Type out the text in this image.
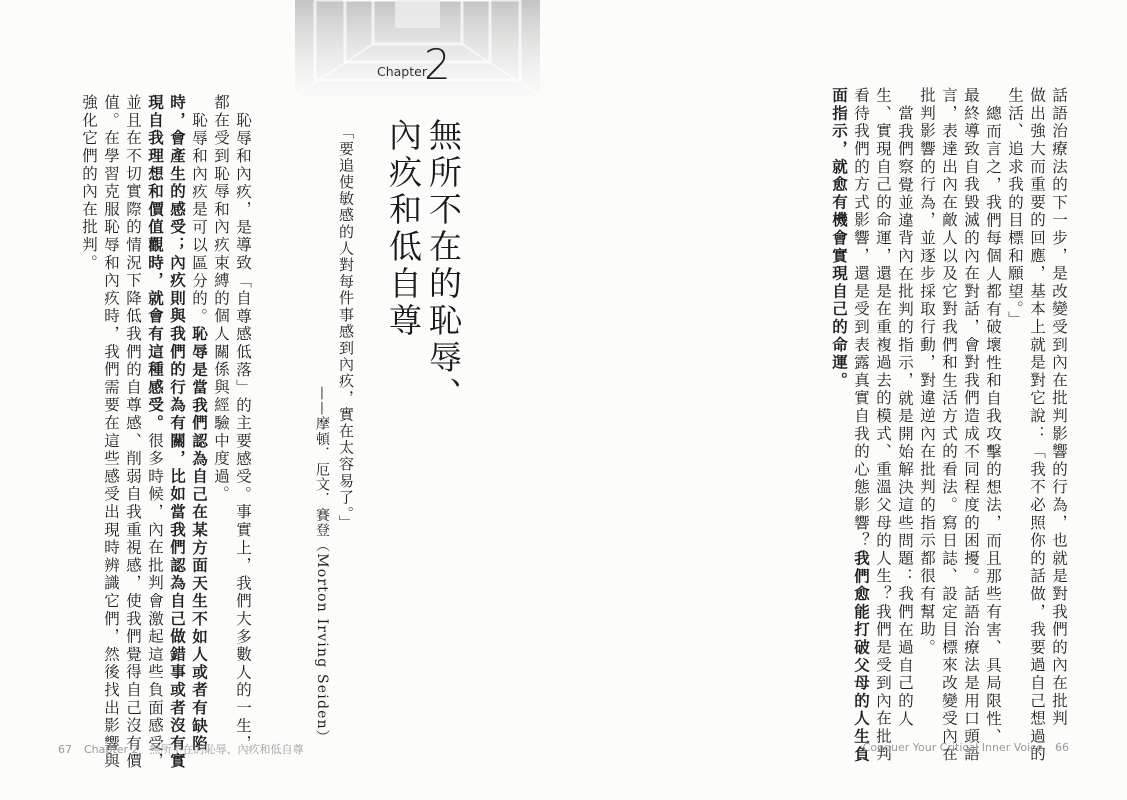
話語治療法的下一步，是改變受到內在批判影響的行為，也就是對我們的內在批判
做出強大而重要的回應，基本上就是對它說：「我不必照你的話做，我要過自己想過的
生活、追求我的目標和願望。」
總而言之，我們每個人都有破壞性和自我攻擊的想法，而且那些有害、具局限性、
最終導致自我毀滅的內在對話，會對我們造成不同程度的困擾。話語治療法是用口頭語
言，表達出內在敵人以及它對我們和生活方式的看法。寫日誌、設定目標來改變受內在
批判影響的行為，並逐步採取行動，對違逆內在批判的指示都很有幫助。
當我們察覺並違背內在批判的指示，就是開始解決這些問題：我們在過自己的人
生、實現自己的命運，還是在重複過去的模式、重溫父母的人生？我們是受到內在批判
看待我們的方式影響，還是受到表露真實自我的心態影響？我們愈能打破父母的人生負
面指示，就愈有機會實現自己的命運。
Chapter
2
無所不在的恥辱、
內疚和低自尊
「要追使敏感的人對每件事感到內疚，實在太容易了。」
——摩頓．厄文．賽登（Morton Irving Seiden）
恥辱和內疚，是導致「自尊感低落」的主要感受。事實上，我們大多數人的一生，
都在受到恥辱和內疚束縛的個人關係與經驗中度過。
恥辱和內疚是可以區分的。恥辱是當我們認為自己在某方面天生不如人或者有缺陷
時，會產生的感受；內疚則與我們的行為有關，比如當我們認為自己做錯事或者沒有實
現自我理想和價值觀時，就會有這種感受。很多時候，內在批判會激起這些負面感受，
並且在不切實際的情況下降低我們的自尊感、削弱自我重視感，使我們覺得自己沒有價
值。在學習克服恥辱和內疚時，我們需要在這些感受出現時辨識它們，然後找出影響與
強化它們的內在批判。
67 Chapter 2　無所不在的恥辱、內疚和低自尊	Conquer Your Critical Inner Voice 66
